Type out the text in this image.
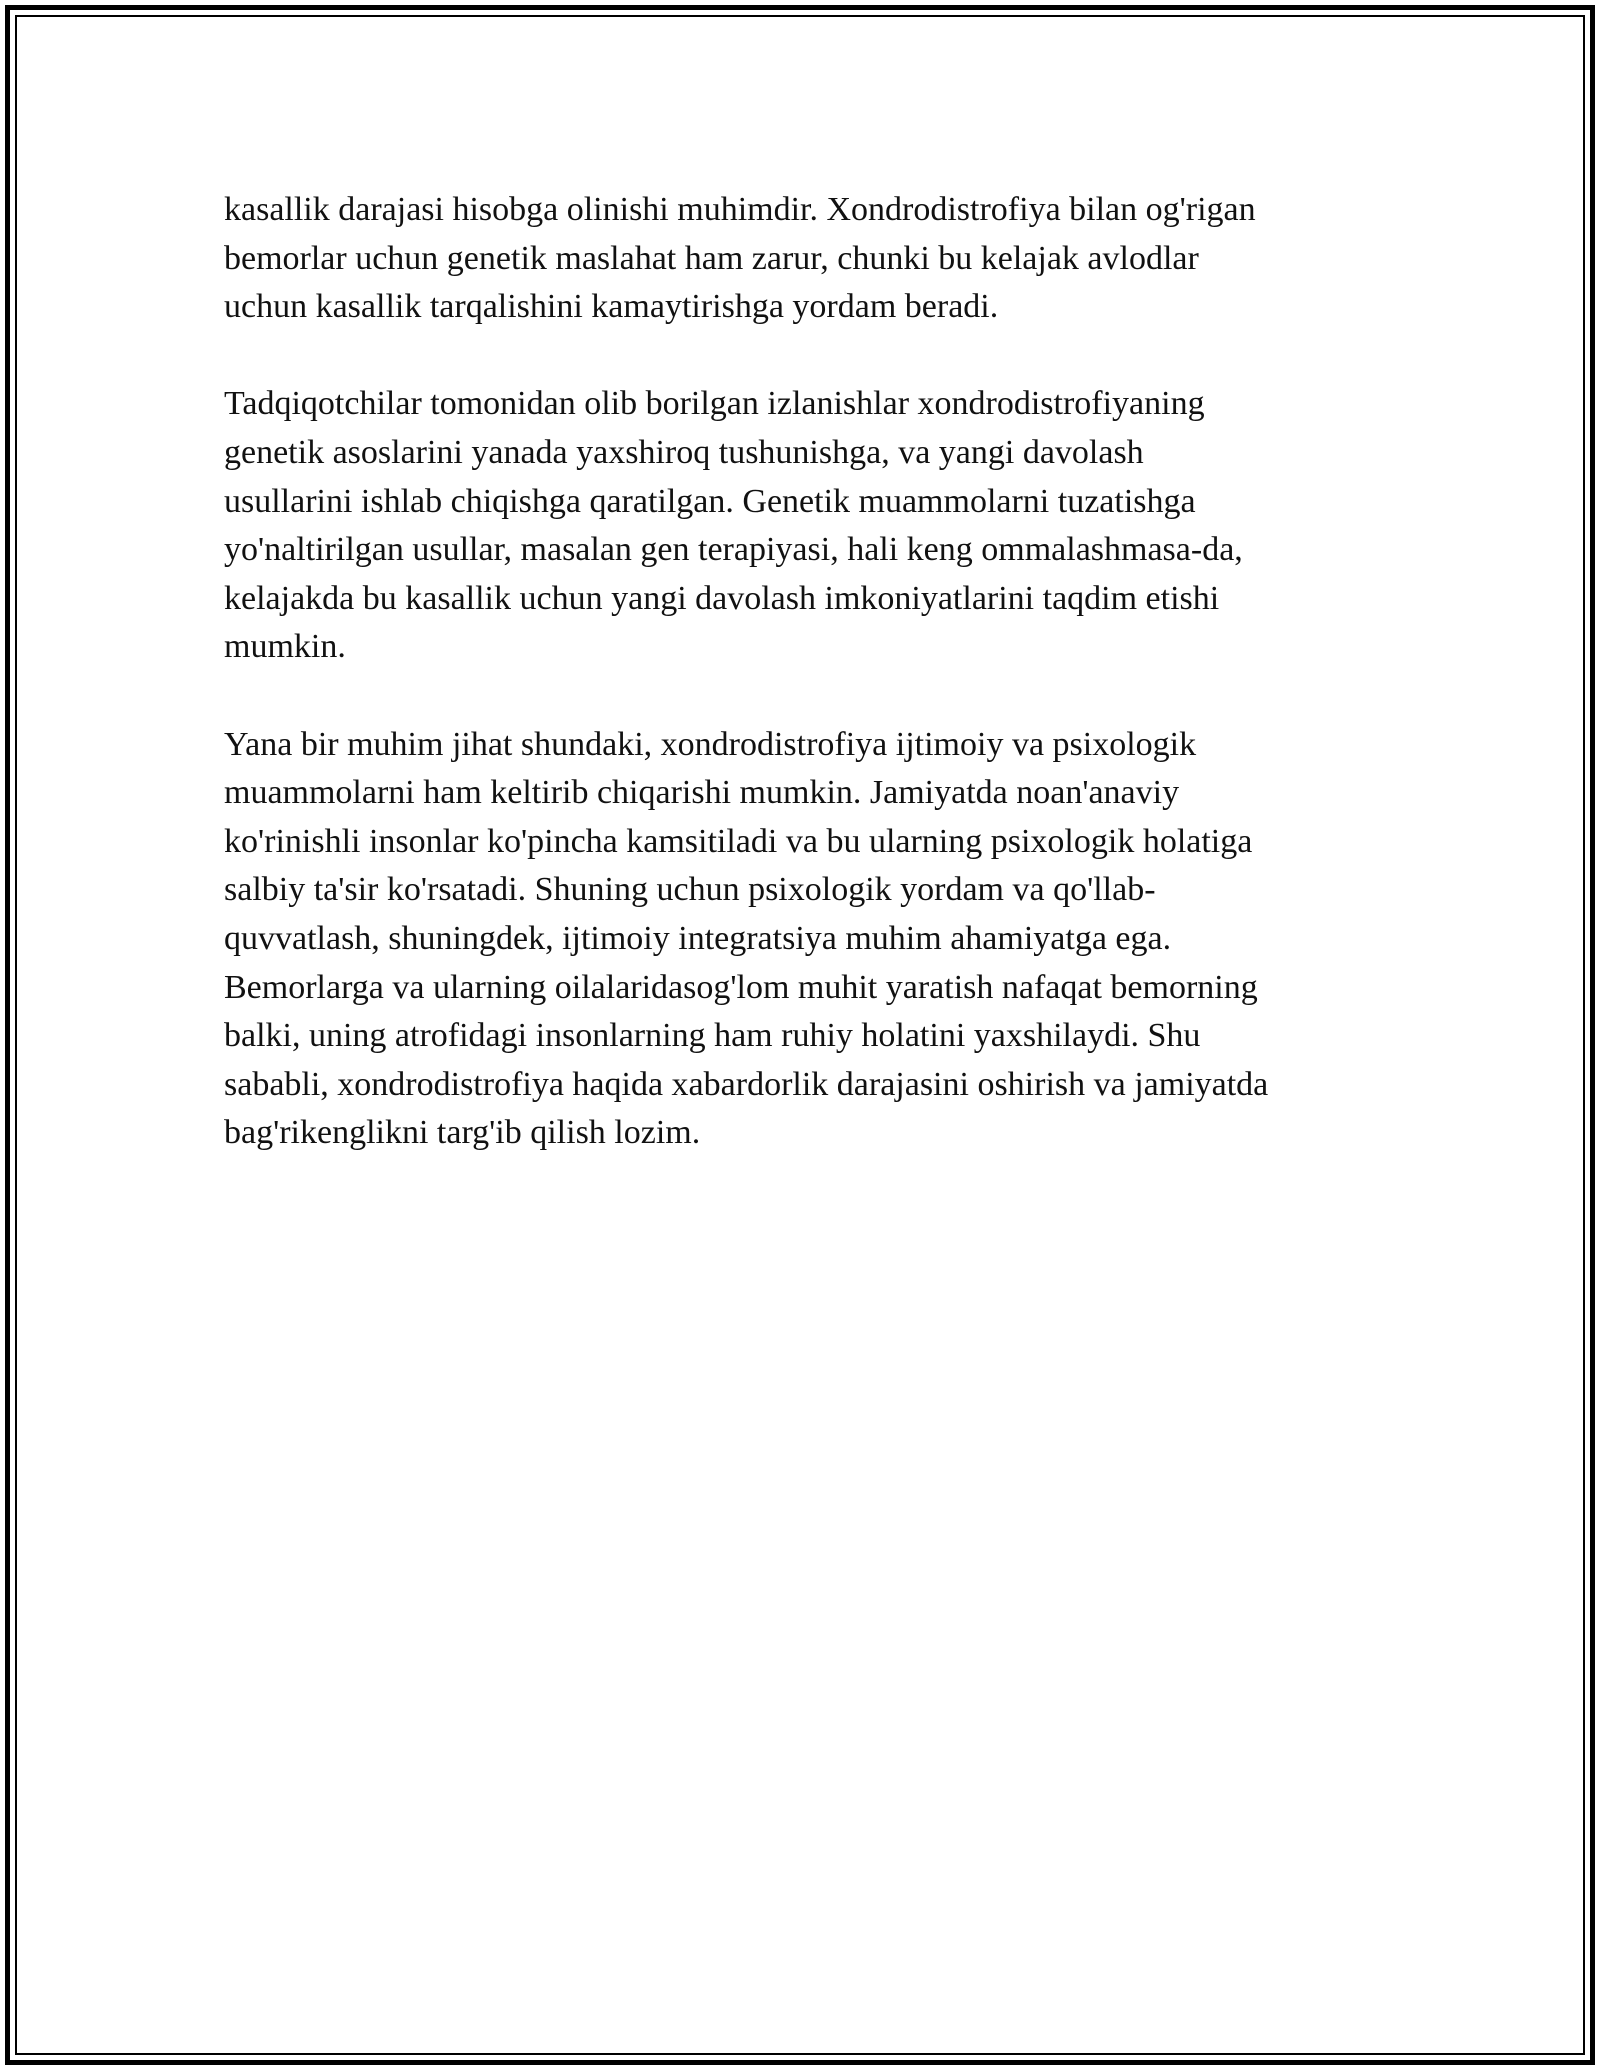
kasallik darajasi hisobga olinishi muhimdir. Xondrodistrofiya bilan og'rigan
bemorlar uchun genetik maslahat ham zarur, chunki bu kelajak avlodlar
uchun kasallik tarqalishini kamaytirishga yordam beradi.

Tadqiqotchilar tomonidan olib borilgan izlanishlar xondrodistrofiyaning
genetik asoslarini yanada yaxshiroq tushunishga, va yangi davolash
usullarini ishlab chiqishga qaratilgan. Genetik muammolarni tuzatishga
yo'naltirilgan usullar, masalan gen terapiyasi, hali keng ommalashmasa-da,
kelajakda bu kasallik uchun yangi davolash imkoniyatlarini taqdim etishi
mumkin.

Yana bir muhim jihat shundaki, xondrodistrofiya ijtimoiy va psixologik
muammolarni ham keltirib chiqarishi mumkin. Jamiyatda noan'anaviy
ko'rinishli insonlar ko'pincha kamsitiladi va bu ularning psixologik holatiga
salbiy ta'sir ko'rsatadi. Shuning uchun psixologik yordam va qo'llab-
quvvatlash, shuningdek, ijtimoiy integratsiya muhim ahamiyatga ega.
Bemorlarga va ularning oilalaridasog'lom muhit yaratish nafaqat bemorning
balki, uning atrofidagi insonlarning ham ruhiy holatini yaxshilaydi. Shu
sababli, xondrodistrofiya haqida xabardorlik darajasini oshirish va jamiyatda
bag'rikenglikni targ'ib qilish lozim.
